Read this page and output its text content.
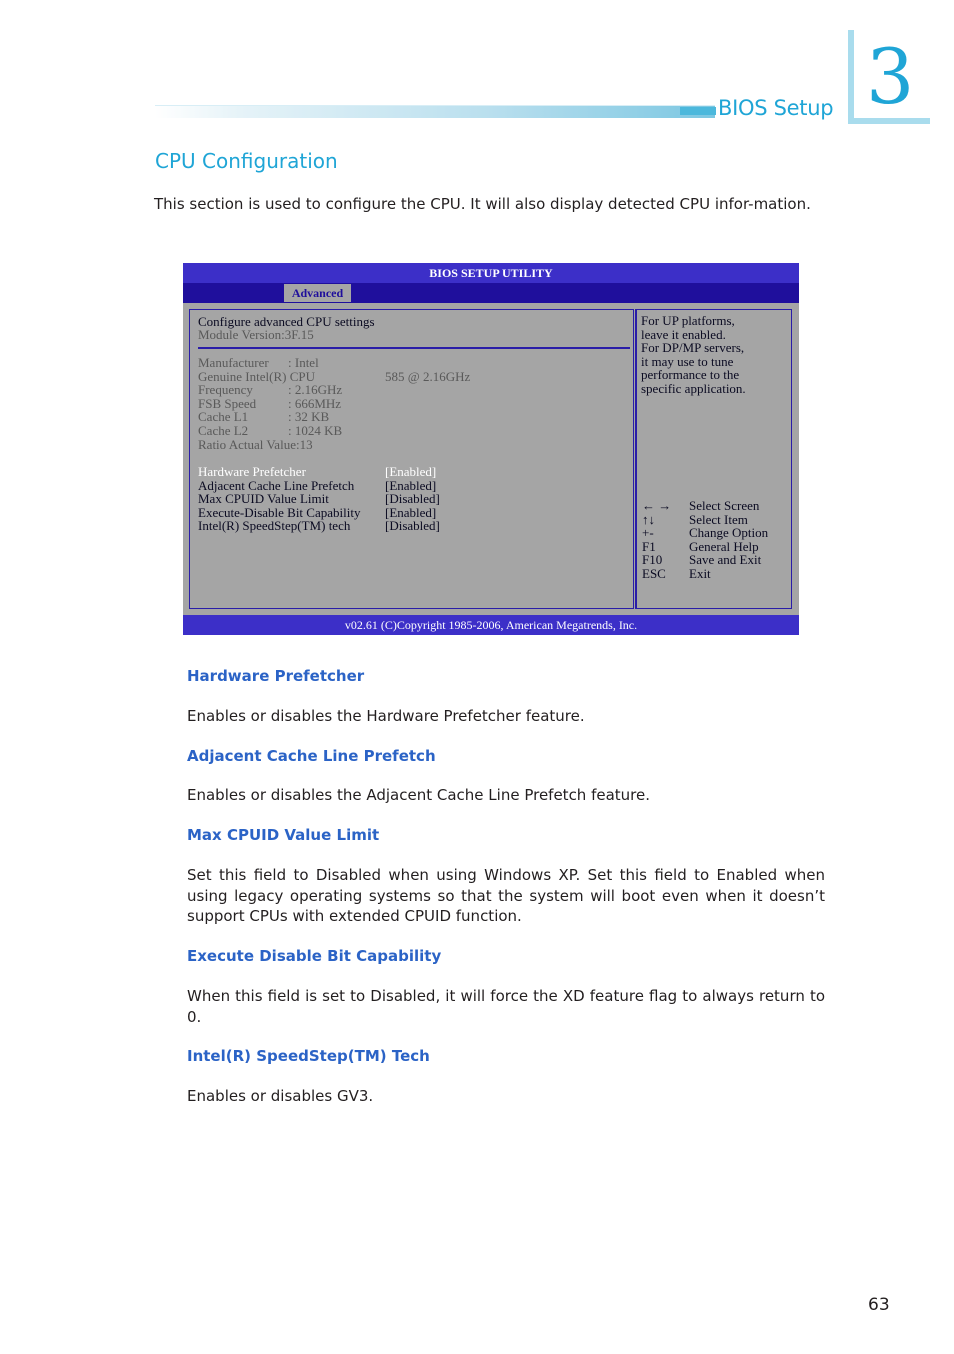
BIOS Setup 3
CPU Configuration
This section is used to configure the CPU. It will also display detected CPU infor-mation.
BIOS SETUP UTILITY
Advanced
Configure advanced CPU settings
Module Version:3F.15
Manufacturer : Intel
Genuine Intel(R) CPU	585 @ 2.16GHz
Frequency	: 2.16GHz
FSB Speed : 666MHz
Cache L1	: 32 KB
Cache L2	: 1024 KB
Ratio Actual Value:13
Hardware Prefetcher	[Enabled]
Adjacent Cache Line Prefetch [Enabled]
Max CPUID Value Limit	[Disabled]
Execute-Disable Bit Capability [Enabled]
Intel(R) SpeedStep(TM) tech	[Disabled]
For UP platforms,
leave it enabled.
For DP/MP servers,
it may use to tune
performance to the
specific application.
← → Select Screen
↑↓	Select Item
+-	Change Option
F1	General Help
F10 Save and Exit
ESC Exit
v02.61 (C)Copyright 1985-2006, American Megatrends, Inc.
Hardware Prefetcher
Enables or disables the Hardware Prefetcher feature.
Adjacent Cache Line Prefetch
Enables or disables the Adjacent Cache Line Prefetch feature.
Max CPUID Value Limit
Set this field to Disabled when using Windows XP. Set this field to Enabled when using legacy operating systems so that the system will boot even when it doesn’t support CPUs with extended CPUID function.
Execute Disable Bit Capability
When this field is set to Disabled, it will force the XD feature flag to always return to 0.
Intel(R) SpeedStep(TM) Tech
Enables or disables GV3.
63
